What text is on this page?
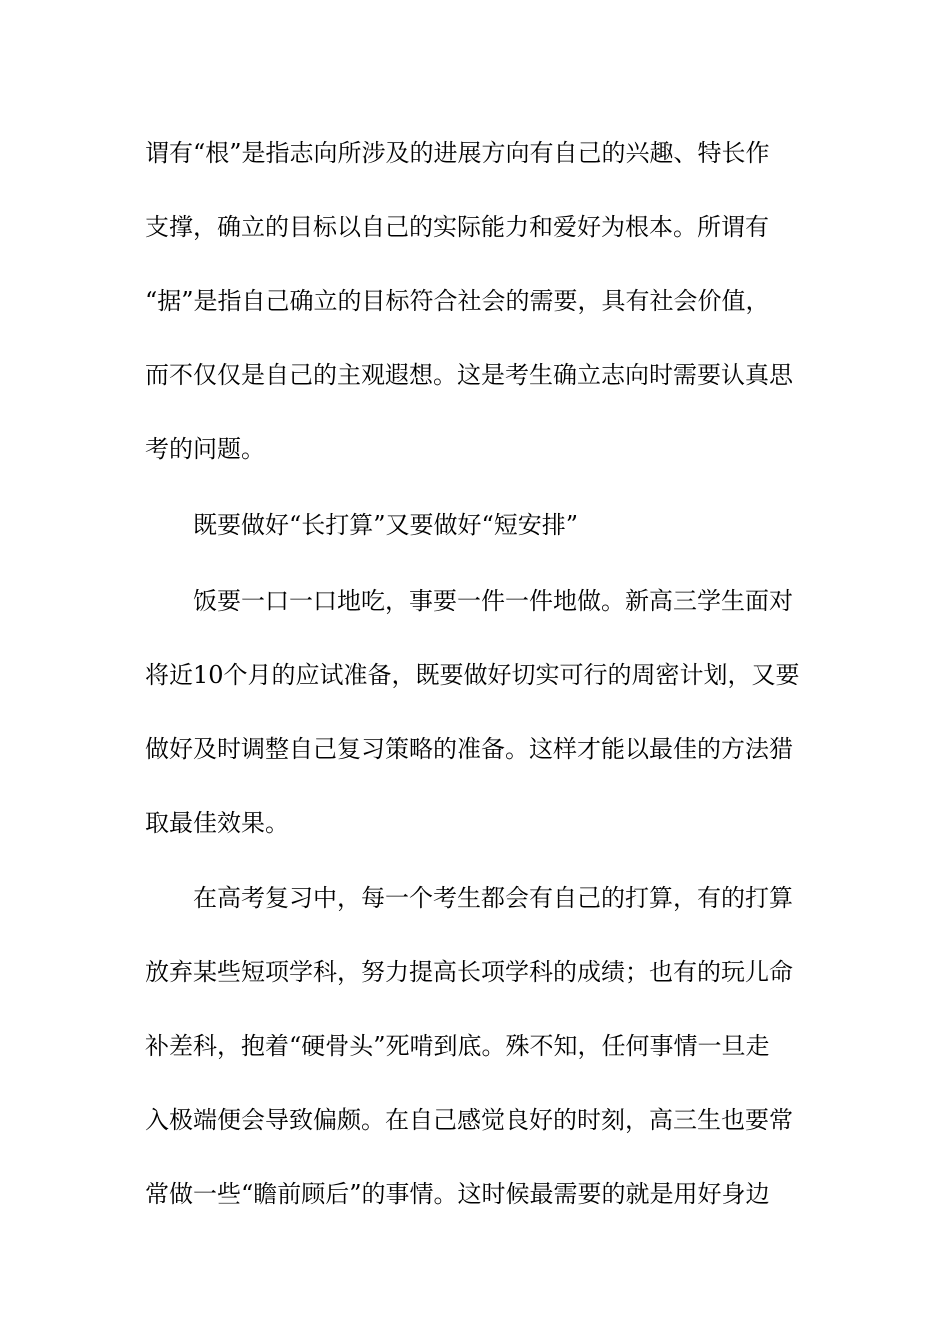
谓有“根”是指志向所涉及的进展方向有自己的兴趣、特长作
支撑，确立的目标以自己的实际能力和爱好为根本。所谓有
“据”是指自己确立的目标符合社会的需要，具有社会价值，
而不仅仅是自己的主观遐想。这是考生确立志向时需要认真思
考的问题。
既要做好“长打算”又要做好“短安排”
饭要一口一口地吃，事要一件一件地做。新高三学生面对
将近10个月的应试准备，既要做好切实可行的周密计划，又要
做好及时调整自己复习策略的准备。这样才能以最佳的方法猎
取最佳效果。
在高考复习中，每一个考生都会有自己的打算，有的打算
放弃某些短项学科，努力提高长项学科的成绩；也有的玩儿命
补差科，抱着“硬骨头”死啃到底。殊不知，任何事情一旦走
入极端便会导致偏颇。在自己感觉良好的时刻，高三生也要常
常做一些“瞻前顾后”的事情。这时候最需要的就是用好身边
